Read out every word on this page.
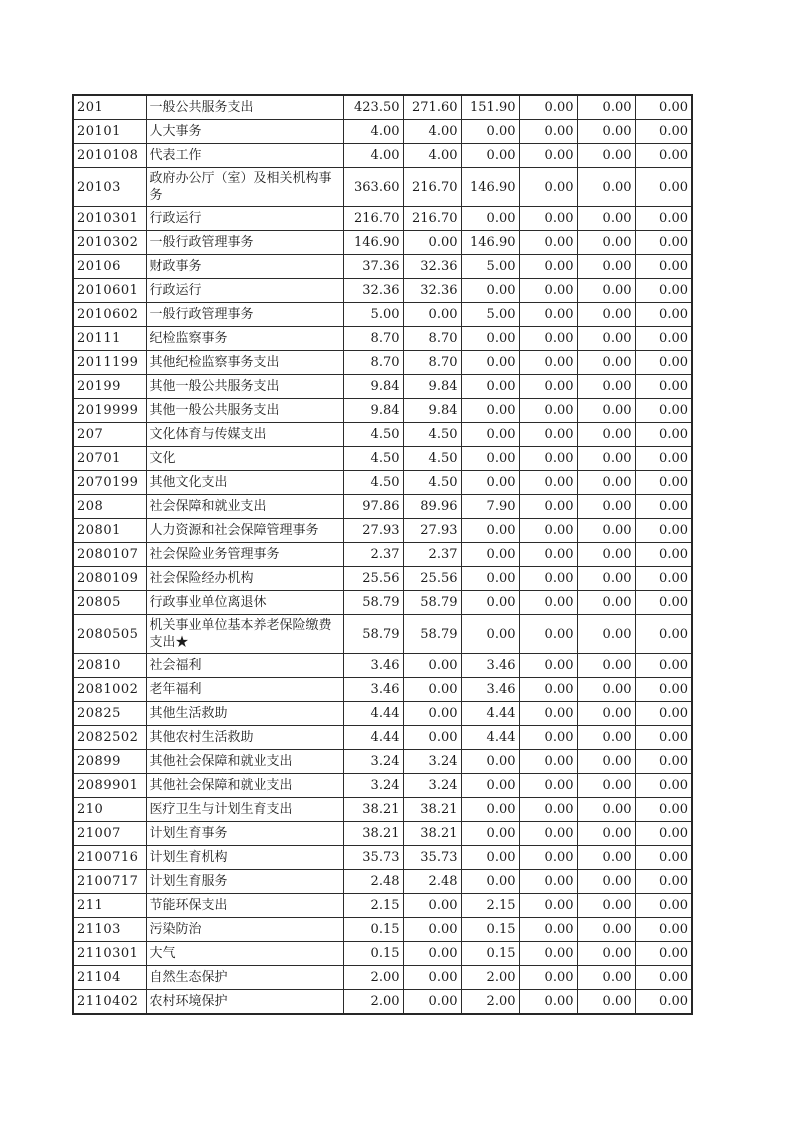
201	一般公共服务支出	423.50	271.60	151.90	0.00	0.00	0.00
20101	人大事务	4.00	4.00	0.00	0.00	0.00	0.00
2010108	代表工作	4.00	4.00	0.00	0.00	0.00	0.00
20103	政府办公厅（室）及相关机构事务	363.60	216.70	146.90	0.00	0.00	0.00
2010301	行政运行	216.70	216.70	0.00	0.00	0.00	0.00
2010302	一般行政管理事务	146.90	0.00	146.90	0.00	0.00	0.00
20106	财政事务	37.36	32.36	5.00	0.00	0.00	0.00
2010601	行政运行	32.36	32.36	0.00	0.00	0.00	0.00
2010602	一般行政管理事务	5.00	0.00	5.00	0.00	0.00	0.00
20111	纪检监察事务	8.70	8.70	0.00	0.00	0.00	0.00
2011199	其他纪检监察事务支出	8.70	8.70	0.00	0.00	0.00	0.00
20199	其他一般公共服务支出	9.84	9.84	0.00	0.00	0.00	0.00
2019999	其他一般公共服务支出	9.84	9.84	0.00	0.00	0.00	0.00
207	文化体育与传媒支出	4.50	4.50	0.00	0.00	0.00	0.00
20701	文化	4.50	4.50	0.00	0.00	0.00	0.00
2070199	其他文化支出	4.50	4.50	0.00	0.00	0.00	0.00
208	社会保障和就业支出	97.86	89.96	7.90	0.00	0.00	0.00
20801	人力资源和社会保障管理事务	27.93	27.93	0.00	0.00	0.00	0.00
2080107	社会保险业务管理事务	2.37	2.37	0.00	0.00	0.00	0.00
2080109	社会保险经办机构	25.56	25.56	0.00	0.00	0.00	0.00
20805	行政事业单位离退休	58.79	58.79	0.00	0.00	0.00	0.00
2080505	机关事业单位基本养老保险缴费支出★	58.79	58.79	0.00	0.00	0.00	0.00
20810	社会福利	3.46	0.00	3.46	0.00	0.00	0.00
2081002	老年福利	3.46	0.00	3.46	0.00	0.00	0.00
20825	其他生活救助	4.44	0.00	4.44	0.00	0.00	0.00
2082502	其他农村生活救助	4.44	0.00	4.44	0.00	0.00	0.00
20899	其他社会保障和就业支出	3.24	3.24	0.00	0.00	0.00	0.00
2089901	其他社会保障和就业支出	3.24	3.24	0.00	0.00	0.00	0.00
210	医疗卫生与计划生育支出	38.21	38.21	0.00	0.00	0.00	0.00
21007	计划生育事务	38.21	38.21	0.00	0.00	0.00	0.00
2100716	计划生育机构	35.73	35.73	0.00	0.00	0.00	0.00
2100717	计划生育服务	2.48	2.48	0.00	0.00	0.00	0.00
211	节能环保支出	2.15	0.00	2.15	0.00	0.00	0.00
21103	污染防治	0.15	0.00	0.15	0.00	0.00	0.00
2110301	大气	0.15	0.00	0.15	0.00	0.00	0.00
21104	自然生态保护	2.00	0.00	2.00	0.00	0.00	0.00
2110402	农村环境保护	2.00	0.00	2.00	0.00	0.00	0.00
